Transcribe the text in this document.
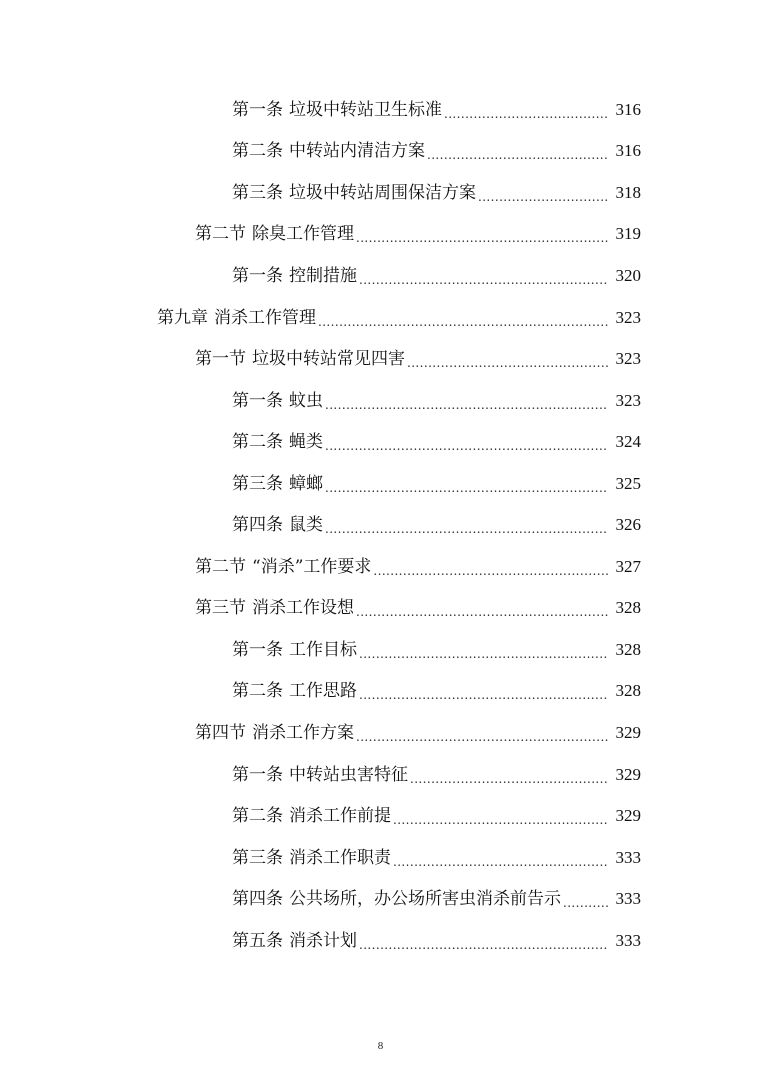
第一条 垃圾中转站卫生标准 .....	316
第二条 中转站内清洁方案 .....	316
第三条 垃圾中转站周围保洁方案 .....	318
第二节 除臭工作管理 .....	319
第一条 控制措施 .....	320
第九章 消杀工作管理 .....	323
第一节 垃圾中转站常见四害 .....	323
第一条 蚊虫 .....	323
第二条 蝇类 .....	324
第三条 蟑螂 .....	325
第四条 鼠类 .....	326
第二节 “消杀”工作要求 .....	327
第三节 消杀工作设想 .....	328
第一条 工作目标 .....	328
第二条 工作思路 .....	328
第四节 消杀工作方案 .....	329
第一条 中转站虫害特征 .....	329
第二条 消杀工作前提 .....	329
第三条 消杀工作职责 .....	333
第四条 公共场所，办公场所害虫消杀前告示 .....	333
第五条 消杀计划 .....	333
8
